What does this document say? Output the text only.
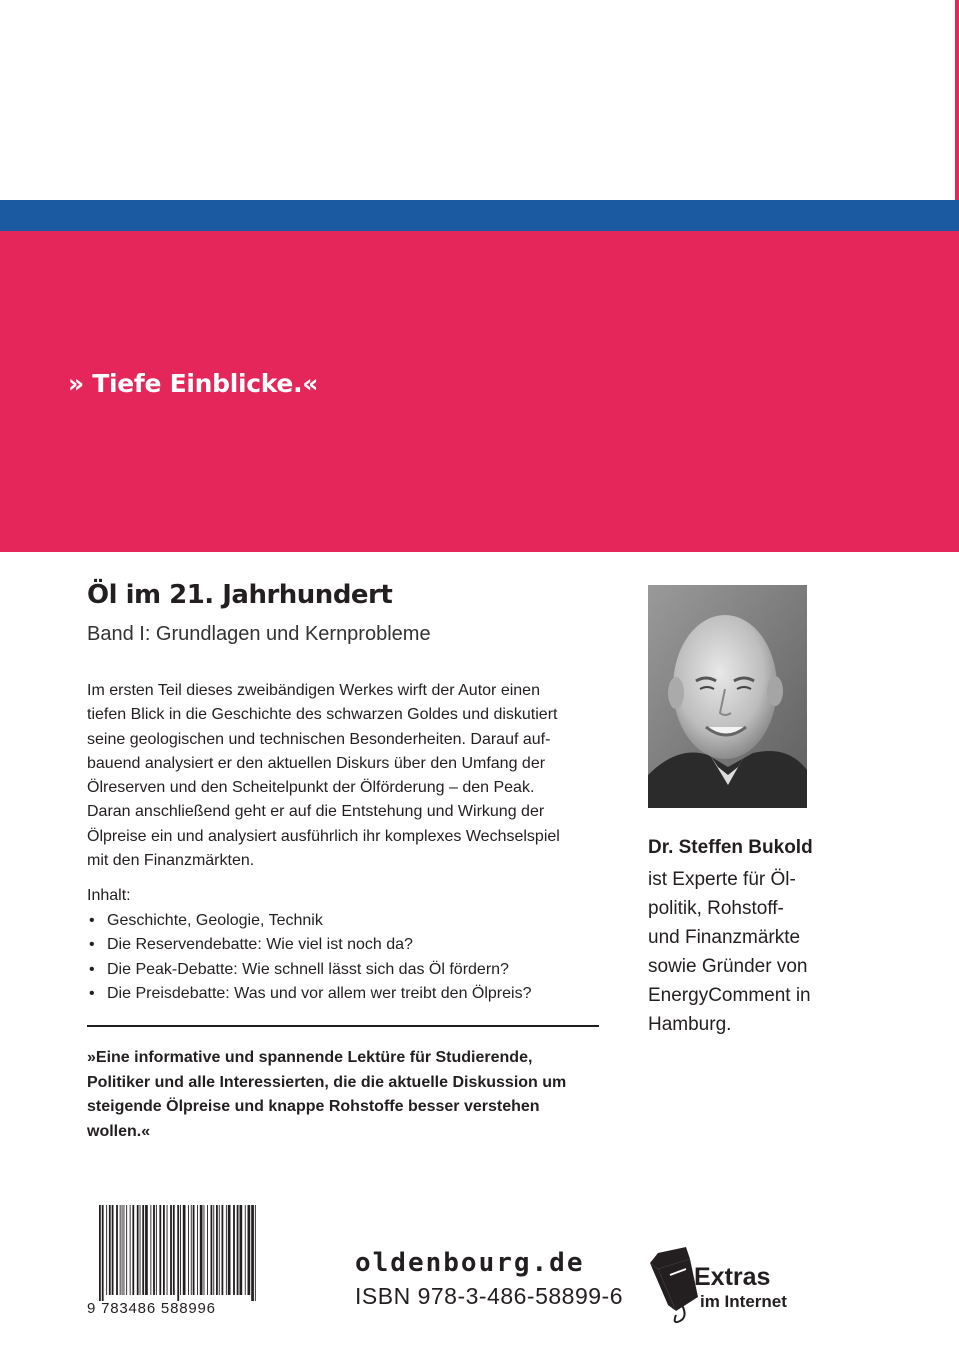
» Tiefe Einblicke.«
Öl im 21. Jahrhundert
Band I: Grundlagen und Kernprobleme

Im ersten Teil dieses zweibändigen Werkes wirft der Autor einen
tiefen Blick in die Geschichte des schwarzen Goldes und diskutiert
seine geologischen und technischen Besonderheiten. Darauf auf-
bauend analysiert er den aktuellen Diskurs über den Umfang der
Ölreserven und den Scheitelpunkt der Ölförderung – den Peak.
Daran anschließend geht er auf die Entstehung und Wirkung der
Ölpreise ein und analysiert ausführlich ihr komplexes Wechselspiel
mit den Finanzmärkten.

Inhalt:
• Geschichte, Geologie, Technik
• Die Reservendebatte: Wie viel ist noch da?
• Die Peak-Debatte: Wie schnell lässt sich das Öl fördern?
• Die Preisdebatte: Was und vor allem wer treibt den Ölpreis?

»Eine informative und spannende Lektüre für Studierende,
Politiker und alle Interessierten, die die aktuelle Diskussion um
steigende Ölpreise und knappe Rohstoffe besser verstehen
wollen.«

Dr. Steffen Bukold

ist Experte für Öl-
politik, Rohstoff-
und Finanzmärkte
sowie Gründer von
EnergyComment in
Hamburg.

9 783486 588996
oldenbourg.de
ISBN 978-3-486-58899-6
Extras
im Internet
